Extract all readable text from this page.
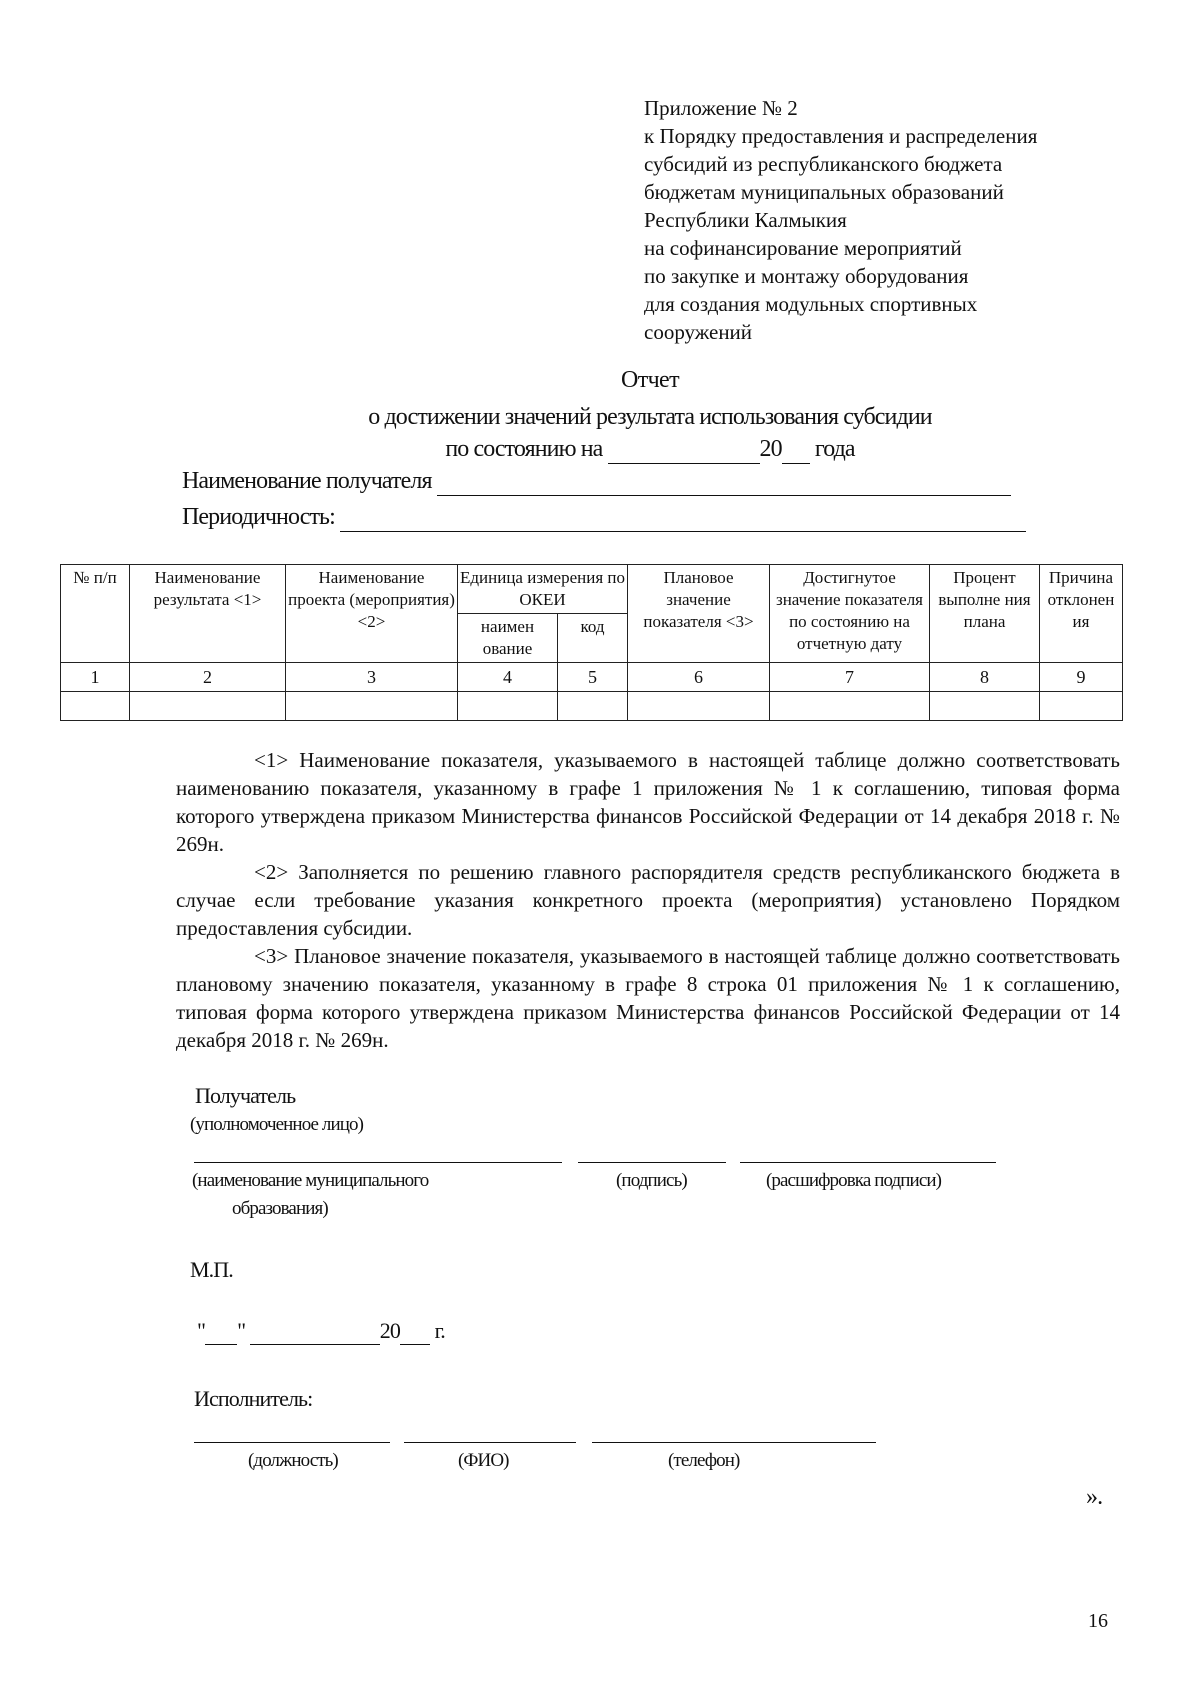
Приложение № 2
к Порядку предоставления и распределения
субсидий из республиканского бюджета
бюджетам муниципальных образований
Республики Калмыкия
на софинансирование мероприятий
по закупке и монтажу оборудования
для создания модульных спортивных
сооружений
Отчет
о достижении значений результата использования субсидии
по состоянию на	20 года
Наименование получателя
Периодичность:
№ п/п	Наименование результата <1>	Наименование проекта (мероприятия) <2>	Единица измерения по ОКЕИ		Плановое значение показателя <3>	Достигнутое значение показателя по состоянию на отчетную дату	Процент выполне ния плана	Причина отклонен ия
			наимен ование	код				
1	2	3	4	5	6	7	8	9

<1> Наименование показателя, указываемого в настоящей таблице должно соответствовать наименованию показателя, указанному в графе 1 приложения № 1 к соглашению, типовая форма которого утверждена приказом Министерства финансов Российской Федерации от 14 декабря 2018 г. № 269н.

<2> Заполняется по решению главного распорядителя средств республиканского бюджета в случае если требование указания конкретного проекта (мероприятия) установлено Порядком предоставления субсидии.

<3> Плановое значение показателя, указываемого в настоящей таблице должно соответствовать плановому значению показателя, указанному в графе 8 строка 01 приложения № 1 к соглашению, типовая форма которого утверждена приказом Министерства финансов Российской Федерации от 14 декабря 2018 г. № 269н.

Получатель
(уполномоченное лицо)
(наименование муниципального
образования)
(подпись)	(расшифровка подписи)
М.П.
" "	20 г.
Исполнитель:
(должность)	(ФИО)	(телефон)
».
16
